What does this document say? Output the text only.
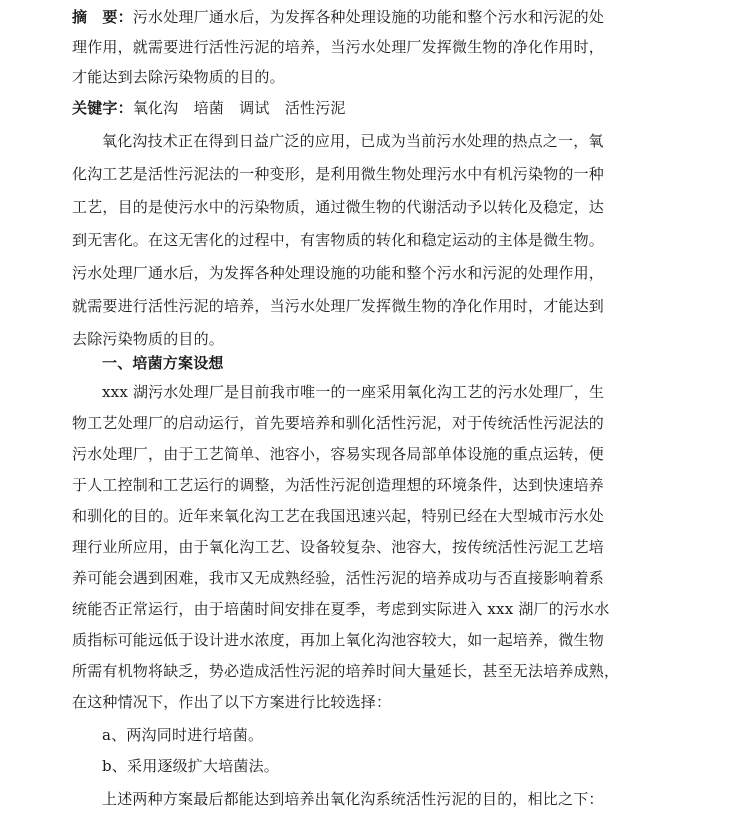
摘　要：污水处理厂通水后，为发挥各种处理设施的功能和整个污水和污泥的处
理作用，就需要进行活性污泥的培养，当污水处理厂发挥微生物的净化作用时，
才能达到去除污染物质的目的。
关键字：氧化沟　培菌　调试　活性污泥
氧化沟技术正在得到日益广泛的应用，已成为当前污水处理的热点之一，氧
化沟工艺是活性污泥法的一种变形，是利用微生物处理污水中有机污染物的一种
工艺，目的是使污水中的污染物质，通过微生物的代谢活动予以转化及稳定，达
到无害化。在这无害化的过程中，有害物质的转化和稳定运动的主体是微生物。
污水处理厂通水后，为发挥各种处理设施的功能和整个污水和污泥的处理作用，
就需要进行活性污泥的培养，当污水处理厂发挥微生物的净化作用时，才能达到
去除污染物质的目的。
一、培菌方案设想
xxx 湖污水处理厂是目前我市唯一的一座采用氧化沟工艺的污水处理厂，生
物工艺处理厂的启动运行，首先要培养和驯化活性污泥，对于传统活性污泥法的
污水处理厂，由于工艺简单、池容小，容易实现各局部单体设施的重点运转，便
于人工控制和工艺运行的调整，为活性污泥创造理想的环境条件，达到快速培养
和驯化的目的。近年来氧化沟工艺在我国迅速兴起，特别已经在大型城市污水处
理行业所应用，由于氧化沟工艺、设备较复杂、池容大，按传统活性污泥工艺培
养可能会遇到困难，我市又无成熟经验，活性污泥的培养成功与否直接影响着系
统能否正常运行，由于培菌时间安排在夏季，考虑到实际进入 xxx 湖厂的污水水
质指标可能远低于设计进水浓度，再加上氧化沟池容较大，如一起培养，微生物
所需有机物将缺乏，势必造成活性污泥的培养时间大量延长，甚至无法培养成熟，
在这种情况下，作出了以下方案进行比较选择：
a、两沟同时进行培菌。
b、采用逐级扩大培菌法。
上述两种方案最后都能达到培养出氧化沟系统活性污泥的目的，相比之下：
